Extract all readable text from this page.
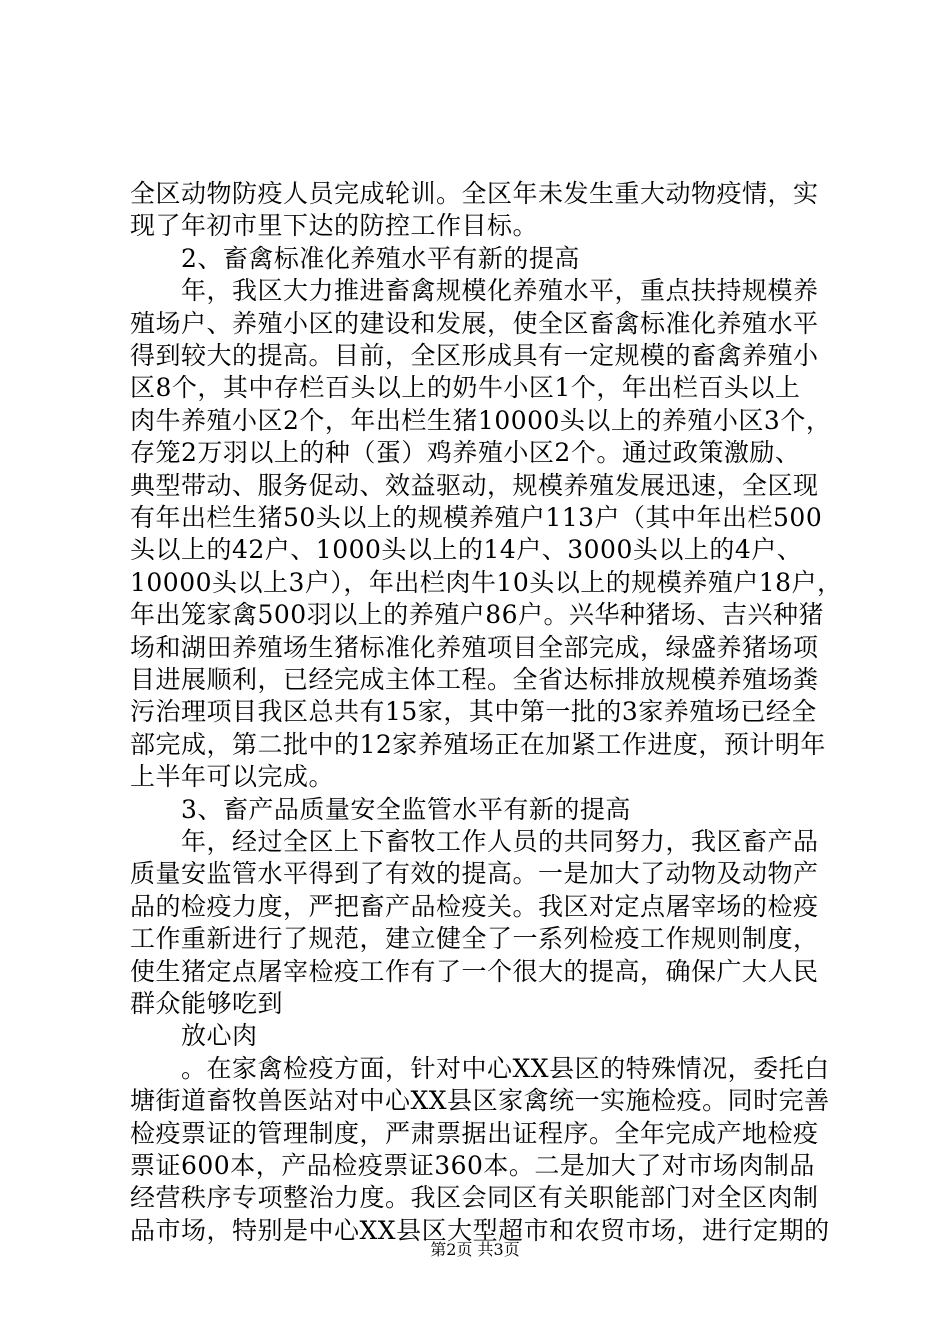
全区动物防疫人员完成轮训。全区年未发生重大动物疫情，实
现了年初市里下达的防控工作目标。
　　2、畜禽标准化养殖水平有新的提高
　　年，我区大力推进畜禽规模化养殖水平，重点扶持规模养
殖场户、养殖小区的建设和发展，使全区畜禽标准化养殖水平
得到较大的提高。目前，全区形成具有一定规模的畜禽养殖小
区8个，其中存栏百头以上的奶牛小区1个，年出栏百头以上
肉牛养殖小区2个，年出栏生猪10000头以上的养殖小区3个，
存笼2万羽以上的种（蛋）鸡养殖小区2个。通过政策激励、
典型带动、服务促动、效益驱动，规模养殖发展迅速，全区现
有年出栏生猪50头以上的规模养殖户113户（其中年出栏500
头以上的42户、1000头以上的14户、3000头以上的4户、
10000头以上3户），年出栏肉牛10头以上的规模养殖户18户，
年出笼家禽500羽以上的养殖户86户。兴华种猪场、吉兴种猪
场和湖田养殖场生猪标准化养殖项目全部完成，绿盛养猪场项
目进展顺利，已经完成主体工程。全省达标排放规模养殖场粪
污治理项目我区总共有15家，其中第一批的3家养殖场已经全
部完成，第二批中的12家养殖场正在加紧工作进度，预计明年
上半年可以完成。
　　3、畜产品质量安全监管水平有新的提高
　　年，经过全区上下畜牧工作人员的共同努力，我区畜产品
质量安监管水平得到了有效的提高。一是加大了动物及动物产
品的检疫力度，严把畜产品检疫关。我区对定点屠宰场的检疫
工作重新进行了规范，建立健全了一系列检疫工作规则制度，
使生猪定点屠宰检疫工作有了一个很大的提高，确保广大人民
群众能够吃到
　　放心肉
　　。在家禽检疫方面，针对中心XX县区的特殊情况，委托白
塘街道畜牧兽医站对中心XX县区家禽统一实施检疫。同时完善
检疫票证的管理制度，严肃票据出证程序。全年完成产地检疫
票证600本，产品检疫票证360本。二是加大了对市场肉制品
经营秩序专项整治力度。我区会同区有关职能部门对全区肉制
品市场，特别是中心XX县区大型超市和农贸市场，进行定期的
第2页 共3页
